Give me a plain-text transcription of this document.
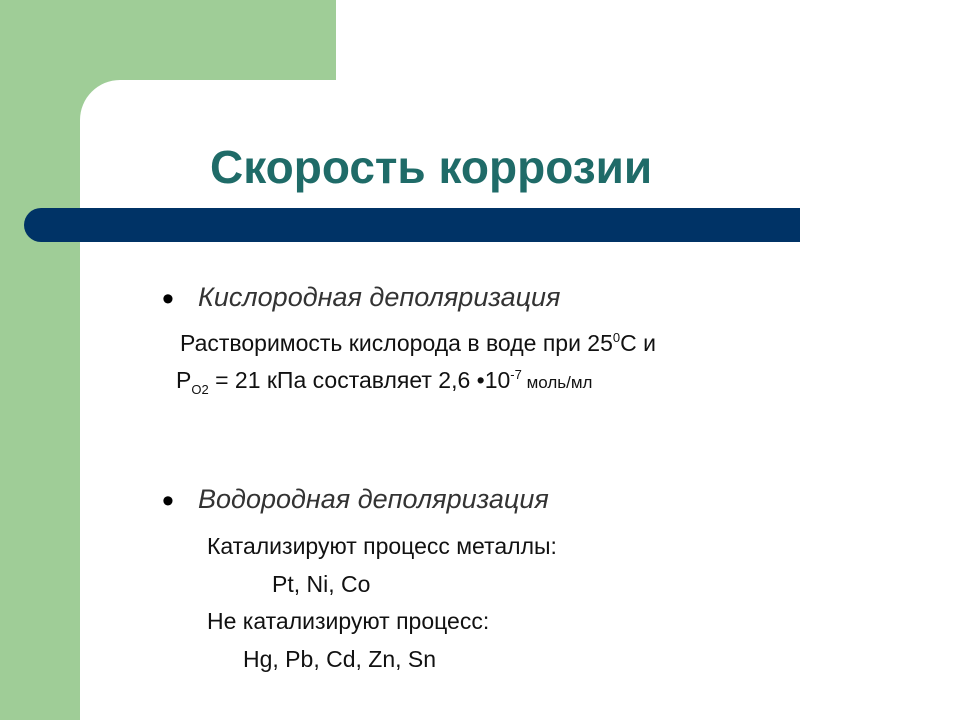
Скорость коррозии
• Кислородная деполяризация
Растворимость кислорода в воде при $25^0С$ и
$P_{O2} = 21$ кПа составляет 2,6 $•10^{-7}$ моль/мл
• Водородная деполяризация
Катализируют процесс металлы:
Pt, Ni, Co
Не катализируют процесс:
Hg, Pb, Cd, Zn, Sn
